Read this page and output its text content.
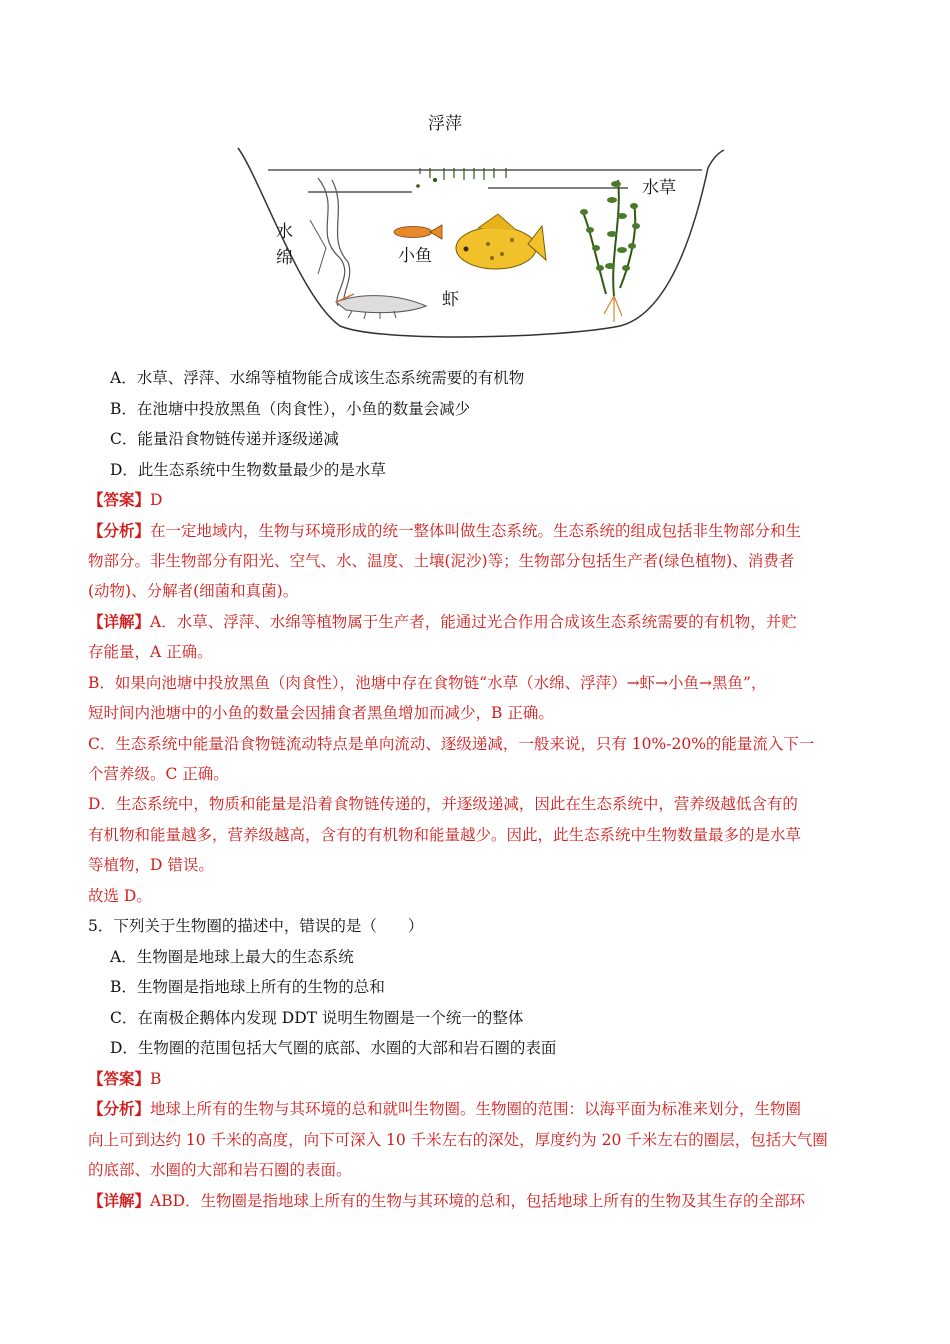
浮萍
水草
水
绵	小鱼
虾
A．水草、浮萍、水绵等植物能合成该生态系统需要的有机物
B．在池塘中投放黑鱼（肉食性），小鱼的数量会减少
C．能量沿食物链传递并逐级递减
D．此生态系统中生物数量最少的是水草
【答案】D
【分析】在一定地域内，生物与环境形成的统一整体叫做生态系统。生态系统的组成包括非生物部分和生
物部分。非生物部分有阳光、空气、水、温度、土壤(泥沙)等；生物部分包括生产者(绿色植物)、消费者
(动物)、分解者(细菌和真菌)。
【详解】A．水草、浮萍、水绵等植物属于生产者，能通过光合作用合成该生态系统需要的有机物，并贮
存能量，A 正确。
B．如果向池塘中投放黑鱼（肉食性），池塘中存在食物链“水草（水绵、浮萍）→虾→小鱼→黑鱼”，
短时间内池塘中的小鱼的数量会因捕食者黑鱼增加而减少，B 正确。
C．生态系统中能量沿食物链流动特点是单向流动、逐级递减，一般来说，只有 10%-20%的能量流入下一
个营养级。C 正确。
D．生态系统中，物质和能量是沿着食物链传递的，并逐级递减，因此在生态系统中，营养级越低含有的
有机物和能量越多，营养级越高，含有的有机物和能量越少。因此，此生态系统中生物数量最多的是水草
等植物，D 错误。
故选 D。
5．下列关于生物圈的描述中，错误的是（　　）
A．生物圈是地球上最大的生态系统
B．生物圈是指地球上所有的生物的总和
C．在南极企鹅体内发现 DDT 说明生物圈是一个统一的整体
D．生物圈的范围包括大气圈的底部、水圈的大部和岩石圈的表面
【答案】B
【分析】地球上所有的生物与其环境的总和就叫生物圈。生物圈的范围：以海平面为标准来划分，生物圈
向上可到达约 10 千米的高度，向下可深入 10 千米左右的深处，厚度约为 20 千米左右的圈层，包括大气圈
的底部、水圈的大部和岩石圈的表面。
【详解】ABD．生物圈是指地球上所有的生物与其环境的总和，包括地球上所有的生物及其生存的全部环
